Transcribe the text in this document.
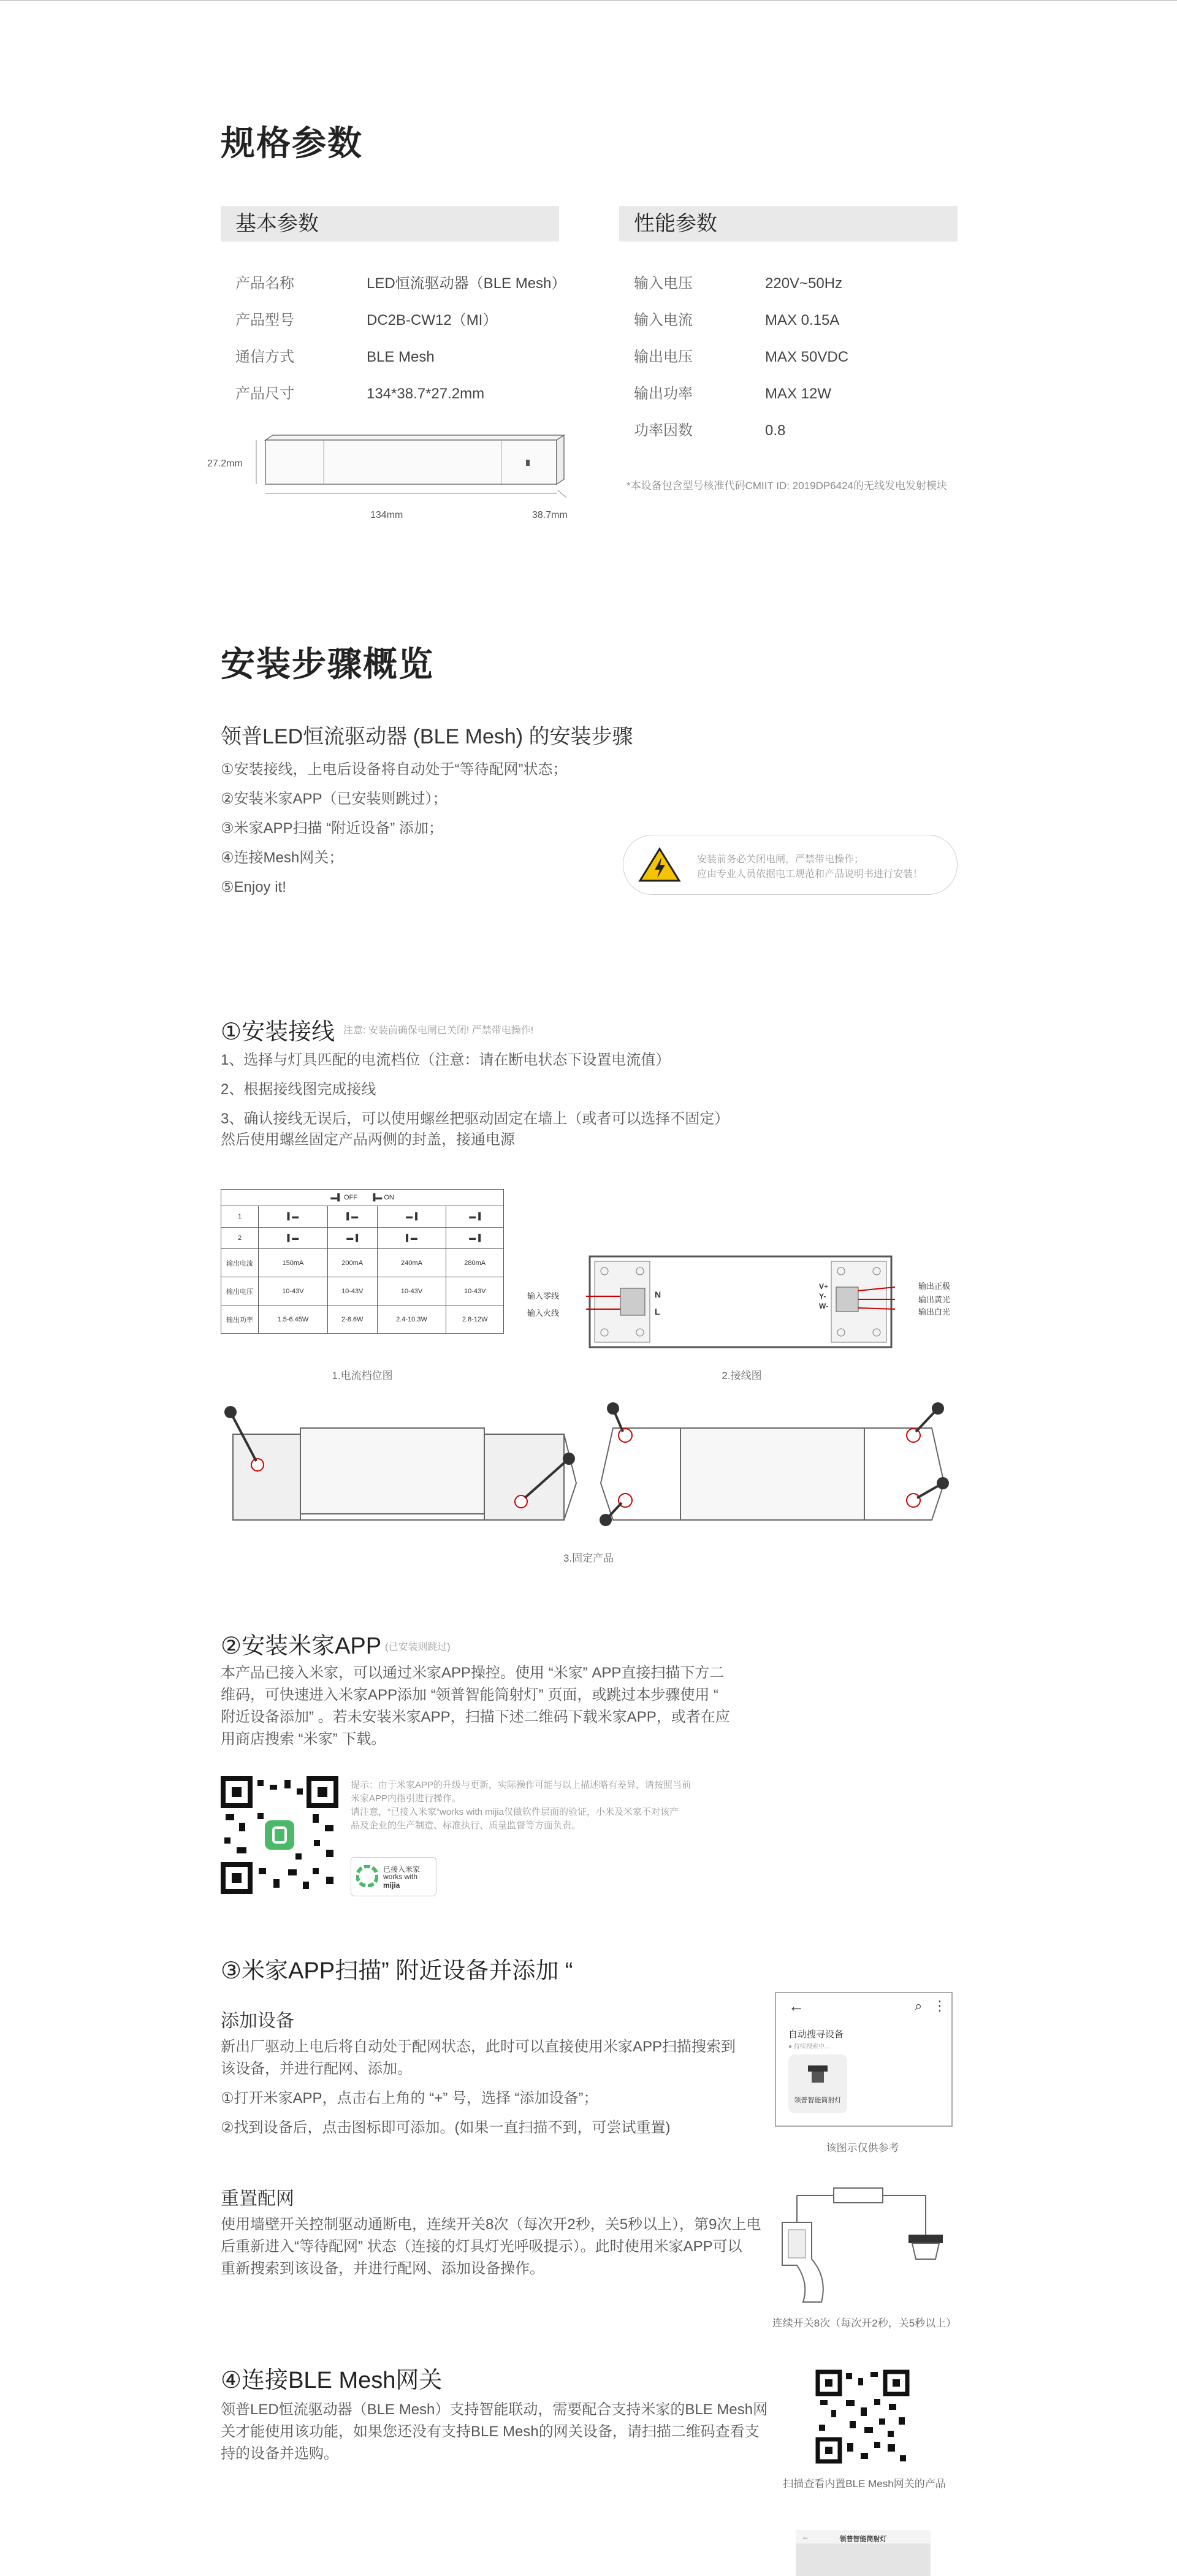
规格参数
基本参数	性能参数
产品名称	LED恒流驱动器（BLE Mesh）
产品型号	DC2B-CW12（MI）
通信方式	BLE Mesh
产品尺寸	134*38.7*27.2mm
输入电压	220V~50Hz
输入电流	MAX 0.15A
输出电压	MAX 50VDC
输出功率	MAX 12W
功率因数	0.8
*本设备包含型号核准代码CMIIT ID: 2019DP6424的无线发电发射模块
27.2mm
134mm	38.7mm
安装步骤概览
领普LED恒流驱动器 (BLE Mesh) 的安装步骤
①安装接线，上电后设备将自动处于“等待配网”状态；
②安装米家APP（已安装则跳过）；
③米家APP扫描 “附近设备” 添加；
④连接Mesh网关；
⑤Enjoy it!
安装前务必关闭电闸，严禁带电操作；
应由专业人员依据电工规范和产品说明书进行安装！
①安装接线 注意: 安装前确保电闸已关闭! 严禁带电操作!
1、选择与灯具匹配的电流档位（注意：请在断电状态下设置电流值）
2、根据接线图完成接线
3、确认接线无误后，可以使用螺丝把驱动固定在墙上（或者可以选择不固定）
然后使用螺丝固定产品两侧的封盖，接通电源
▬▌ OFF ▐▬ ON				
1	▌▬	▌▬	▬▐	▬▐
2	▌▬	▬▐	▌▬	▬▐
输出电流	150mA	200mA	240mA	280mA
输出电压	10-43V	10-43V	10-43V	10-43V
输出功率	1.5-6.45W	2-8.6W	2.4-10.3W	2.8-12W
1.电流档位图
输入零线
输入火线
N
L
V+
Y-
W-
输出正极
输出黄光
输出白光
2.接线图
3.固定产品
②安装米家APP (已安装则跳过)
本产品已接入米家，可以通过米家APP操控。使用 “米家” APP直接扫描下方二
维码，可快速进入米家APP添加 “领普智能筒射灯” 页面，或跳过本步骤使用 “
附近设备添加” 。若未安装米家APP，扫描下述二维码下载米家APP，或者在应
用商店搜索 “米家” 下载。
已接入米家
works with
mijia
提示：由于米家APP的升级与更新，实际操作可能与以上描述略有差异，请按照当前
米家APP内指引进行操作。
请注意，“已接入米家”works with mijia仅做软件层面的验证，小米及米家不对该产
品及企业的生产制造、标准执行、质量监督等方面负责。
③米家APP扫描” 附近设备并添加 “
添加设备
新出厂驱动上电后将自动处于配网状态，此时可以直接使用米家APP扫描搜索到
该设备，并进行配网、添加。
①打开米家APP，点击右上角的 “+” 号，选择 “添加设备”；
②找到设备后，点击图标即可添加。(如果一直扫描不到，可尝试重置)
←	⌕ ⋮
自动搜寻设备
● 持续搜索中...
领普智能筒射灯
该图示仅供参考
重置配网
使用墙壁开关控制驱动通断电，连续开关8次（每次开2秒，关5秒以上），第9次上电
后重新进入“等待配网” 状态（连接的灯具灯光呼吸提示）。此时使用米家APP可以
重新搜索到该设备，并进行配网、添加设备操作。
连续开关8次（每次开2秒，关5秒以上）
④连接BLE Mesh网关
领普LED恒流驱动器（BLE Mesh）支持智能联动，需要配合支持米家的BLE Mesh网
关才能使用该功能，如果您还没有支持BLE Mesh的网关设备，请扫描二维码查看支
持的设备并选购。
扫描查看内置BLE Mesh网关的产品
←	领普智能筒射灯
